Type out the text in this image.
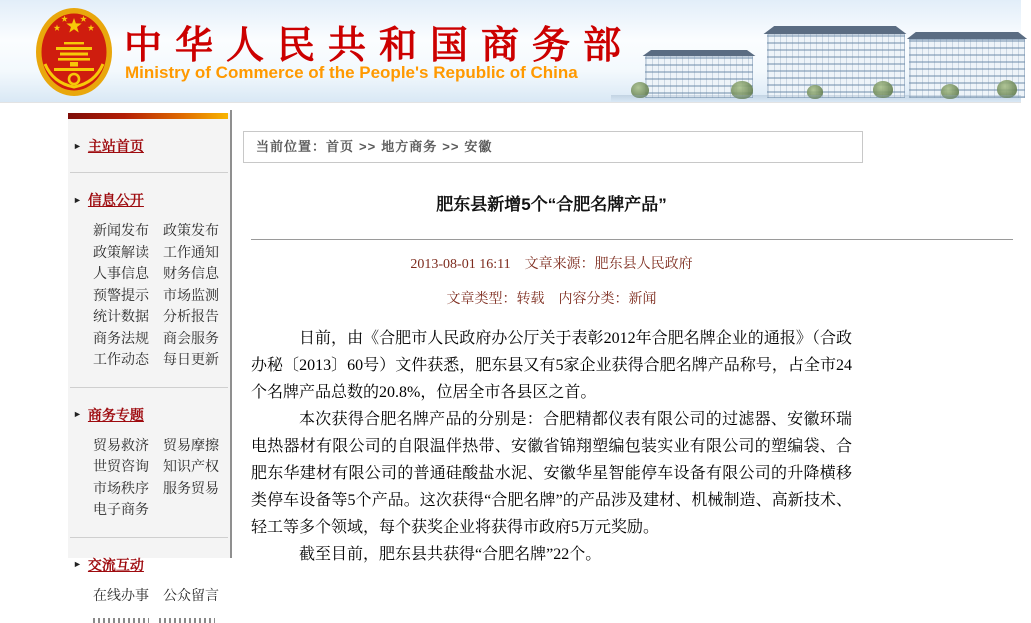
中华人民共和国商务部
Ministry of Commerce of the People's Republic of China
► 主站首页
► 信息公开
新闻发布	政策发布
政策解读	工作通知
人事信息	财务信息
预警提示	市场监测
统计数据	分析报告
商务法规	商会服务
工作动态	每日更新
► 商务专题
贸易救济	贸易摩擦
世贸咨询	知识产权
市场秩序	服务贸易
电子商务
► 交流互动
在线办事	公众留言
当前位置：首页 >> 地方商务 >> 安徽
肥东县新增5个“合肥名牌产品”
2013-08-01 16:11 文章来源：肥东县人民政府
文章类型：转载 内容分类：新闻

日前，由《合肥市人民政府办公厅关于表彰2012年合肥名牌企业的通报》（合政办秘〔2013〕60号）文件获悉，肥东县又有5家企业获得合肥名牌产品称号，占全市24个名牌产品总数的20.8%，位居全市各县区之首。

本次获得合肥名牌产品的分别是：合肥精都仪表有限公司的过滤器、安徽环瑞电热器材有限公司的自限温伴热带、安徽省锦翔塑编包装实业有限公司的塑编袋、合肥东华建材有限公司的普通硅酸盐水泥、安徽华星智能停车设备有限公司的升降横移类停车设备等5个产品。这次获得“合肥名牌”的产品涉及建材、机械制造、高新技术、轻工等多个领域，每个获奖企业将获得市政府5万元奖励。

截至目前，肥东县共获得“合肥名牌”22个。
